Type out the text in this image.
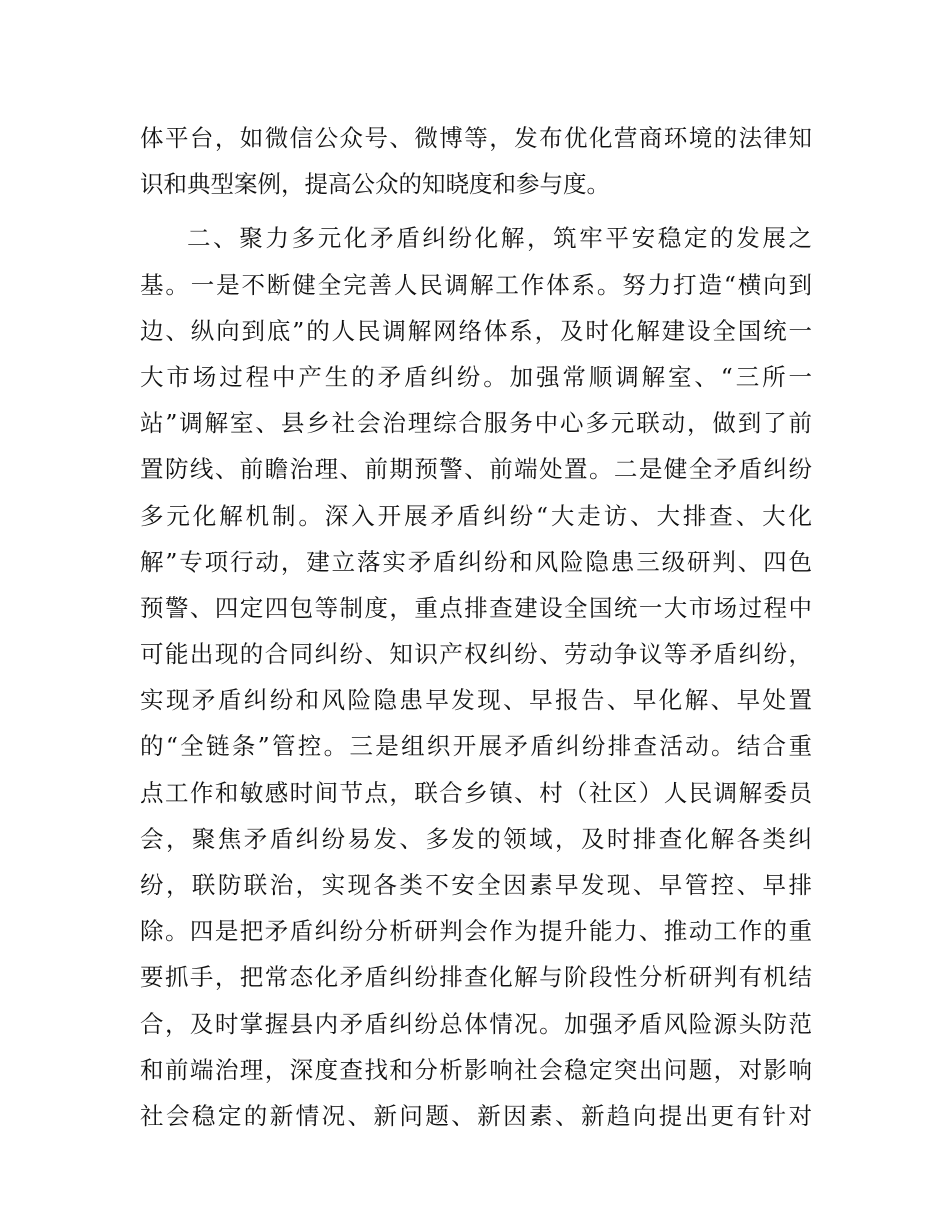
体平台，如微信公众号、微博等，发布优化营商环境的法律知
识和典型案例，提高公众的知晓度和参与度。
二、聚力多元化矛盾纠纷化解，筑牢平安稳定的发展之
基。一是不断健全完善人民调解工作体系。努力打造“横向到
边、纵向到底”的人民调解网络体系，及时化解建设全国统一
大市场过程中产生的矛盾纠纷。加强常顺调解室、“三所一
站”调解室、县乡社会治理综合服务中心多元联动，做到了前
置防线、前瞻治理、前期预警、前端处置。二是健全矛盾纠纷
多元化解机制。深入开展矛盾纠纷“大走访、大排查、大化
解”专项行动，建立落实矛盾纠纷和风险隐患三级研判、四色
预警、四定四包等制度，重点排查建设全国统一大市场过程中
可能出现的合同纠纷、知识产权纠纷、劳动争议等矛盾纠纷，
实现矛盾纠纷和风险隐患早发现、早报告、早化解、早处置
的“全链条”管控。三是组织开展矛盾纠纷排查活动。结合重
点工作和敏感时间节点，联合乡镇、村（社区）人民调解委员
会，聚焦矛盾纠纷易发、多发的领域，及时排查化解各类纠
纷，联防联治，实现各类不安全因素早发现、早管控、早排
除。四是把矛盾纠纷分析研判会作为提升能力、推动工作的重
要抓手，把常态化矛盾纠纷排查化解与阶段性分析研判有机结
合，及时掌握县内矛盾纠纷总体情况。加强矛盾风险源头防范
和前端治理，深度查找和分析影响社会稳定突出问题，对影响
社会稳定的新情况、新问题、新因素、新趋向提出更有针对
